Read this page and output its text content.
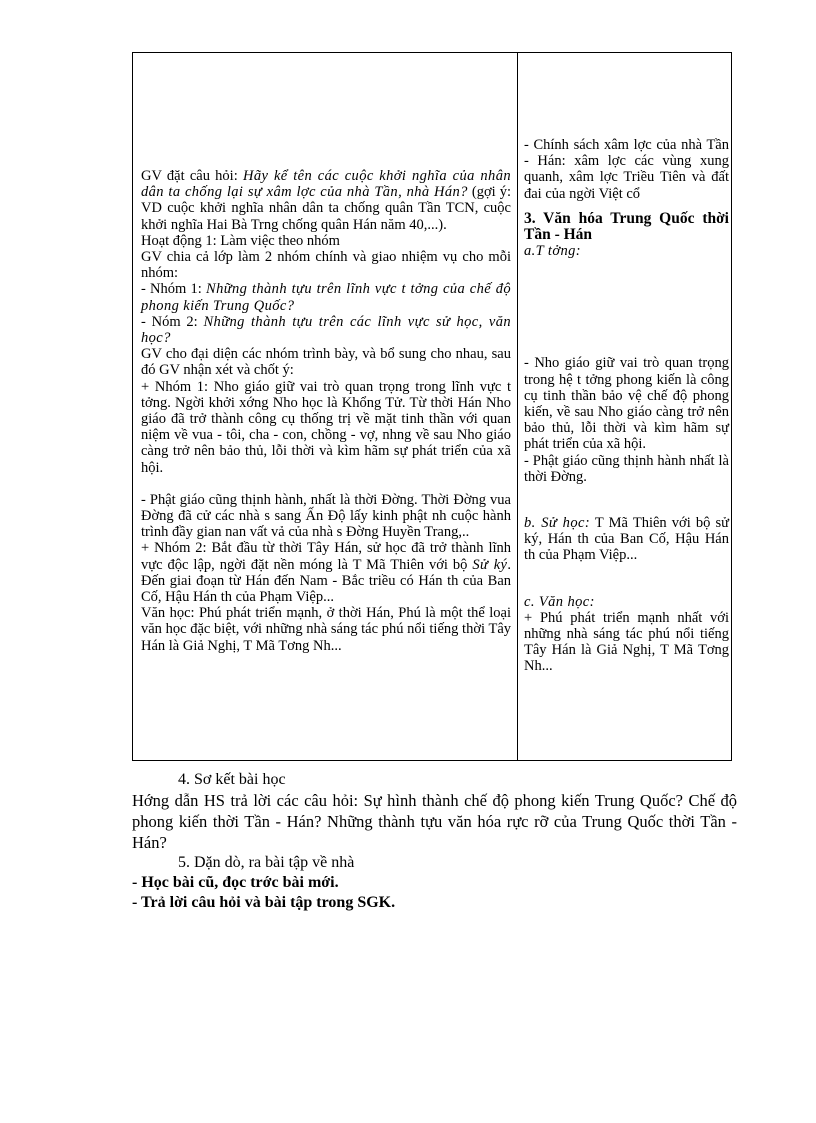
GV đặt câu hỏi: Hãy kể tên các cuộc khởi nghĩa của nhân dân ta chống lại sự xâm lợc của nhà Tần, nhà Hán? (gợi ý: VD cuộc khởi nghĩa nhân dân ta chống quân Tần TCN, cuộc khởi nghĩa Hai Bà Trng chống quân Hán năm 40,...).

Hoạt động 1: Làm việc theo nhóm

GV chia cả lớp làm 2 nhóm chính và giao nhiệm vụ cho mỗi nhóm:

- Nhóm 1: Những thành tựu trên lĩnh vực t tởng của chế độ phong kiến Trung Quốc?

- Nóm 2: Những thành tựu trên các lĩnh vực sử học, văn học?

GV cho đại diện các nhóm trình bày, và bổ sung cho nhau, sau đó GV nhận xét và chốt ý:

+ Nhóm 1: Nho giáo giữ vai trò quan trọng trong lĩnh vực t tởng. Ngời khởi xớng Nho học là Khổng Tử. Từ thời Hán Nho giáo đã trở thành công cụ thống trị về mặt tinh thần với quan niệm về vua - tôi, cha - con, chồng - vợ, nhng về sau Nho giáo càng trở nên bảo thủ, lỗi thời và kìm hãm sự phát triển của xã hội.

- Phật giáo cũng thịnh hành, nhất là thời Đờng. Thời Đờng vua Đờng đã cử các nhà s sang Ấn Độ lấy kinh phật nh cuộc hành trình đầy gian nan vất vả của nhà s Đờng Huyền Trang,..

+ Nhóm 2: Bắt đầu từ thời Tây Hán, sử học đã trở thành lĩnh vực độc lập, ngời đặt nền móng là T Mã Thiên với bộ Sử ký. Đến giai đoạn từ Hán đến Nam - Bắc triều có Hán th của Ban Cố, Hậu Hán th của Phạm Việp...

Văn học: Phú phát triển mạnh, ở thời Hán, Phú là một thể loại văn học đặc biệt, với những nhà sáng tác phú nổi tiếng thời Tây Hán là Giả Nghị, T Mã Tơng Nh...

- Chính sách xâm lợc của nhà Tần - Hán: xâm lợc các vùng xung quanh, xâm lợc Triều Tiên và đất đai của ngời Việt cổ

3. Văn hóa Trung Quốc thời Tần - Hán

a.T tởng:

- Nho giáo giữ vai trò quan trọng trong hệ t tởng phong kiến là công cụ tinh thần bảo vệ chế độ phong kiến, về sau Nho giáo càng trở nên bảo thủ, lỗi thời và kìm hãm sự phát triển của xã hội.

- Phật giáo cũng thịnh hành nhất là thời Đờng.

b. Sử học: T Mã Thiên với bộ sử ký, Hán th của Ban Cố, Hậu Hán th của Phạm Việp...

c. Văn học:

+ Phú phát triển mạnh nhất với những nhà sáng tác phú nổi tiếng Tây Hán là Giả Nghị, T Mã Tơng Nh...

4. Sơ kết bài học

Hớng dẫn HS trả lời các câu hỏi: Sự hình thành chế độ phong kiến Trung Quốc? Chế độ phong kiến thời Tần - Hán? Những thành tựu văn hóa rực rỡ của Trung Quốc thời Tần - Hán?

5. Dặn dò, ra bài tập về nhà

- Học bài cũ, đọc trớc bài mới.

- Trả lời câu hỏi và bài tập trong SGK.
